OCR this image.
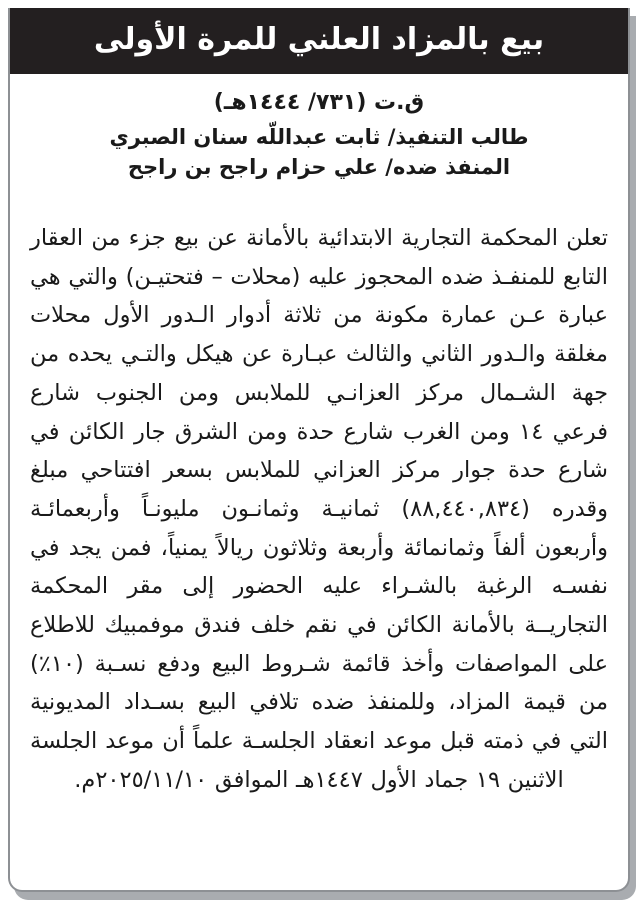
بيع بالمزاد العلني للمرة الأولى
ق.ت (٧٣١/ ١٤٤٤هـ)
طالب التنفيذ/ ثابت عبداللّه سنان الصبري
المنفذ ضده/ علي حزام راجح بن راجح

تعلن المحكمة التجارية الابتدائية بالأمانة عن بيع جزء من العقار التابع للمنفـذ ضده المحجوز عليه (محلات – فتحتيـن) والتي هي عبارة عـن عمارة مكونة من ثلاثة أدوار الـدور الأول محلات مغلقة والـدور الثاني والثالث عبـارة عن هيكل والتـي يحده من جهة الشـمال مركز العزانـي للملابس ومن الجنوب شارع فرعي ١٤ ومن الغرب شارع حدة ومن الشرق جار الكائن في شارع حدة جوار مركز العزاني للملابس بسعر افتتاحي مبلغ وقدره (٨٨,٤٤٠,٨٣٤) ثمانيـة وثمانـون مليونـاً وأربعمائـة وأربعون ألفاً وثمانمائة وأربعة وثلاثون ريالاً يمنياً، فمن يجد في نفسـه الرغبة بالشـراء عليه الحضور إلى مقر المحكمة التجاريــة بالأمانة الكائن في نقم خلف فندق موفمبيك للاطلاع على المواصفات وأخذ قائمة شـروط البيع ودفع نسـبة (١٠٪) من قيمة المزاد، وللمنفذ ضده تلافي البيع بسـداد المديونية التي في ذمته قبل موعد انعقاد الجلسـة علماً أن موعد الجلسة الاثنين ١٩ جماد الأول ١٤٤٧هـ الموافق ٢٠٢٥/١١/١٠م.
